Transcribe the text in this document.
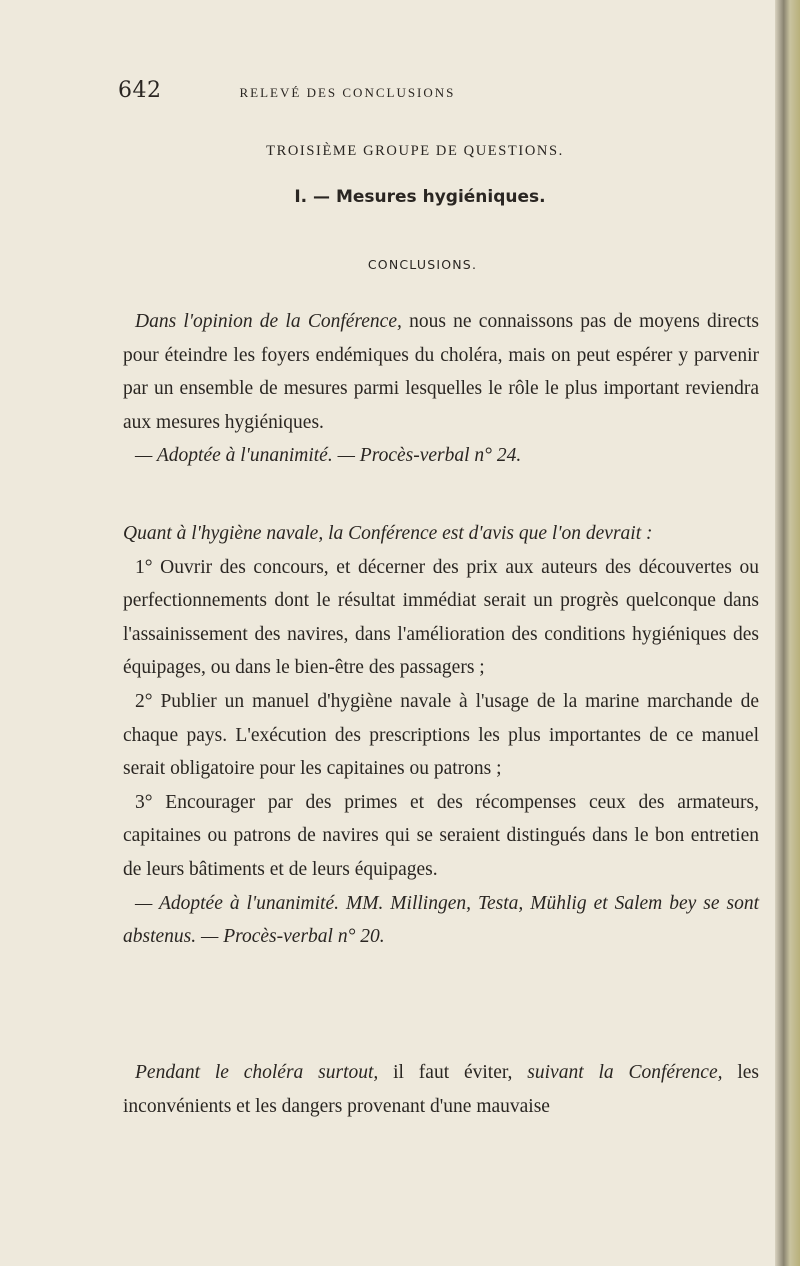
642	RELEVÉ DES CONCLUSIONS
TROISIÈME GROUPE DE QUESTIONS.
I. — Mesures hygiéniques.
CONCLUSIONS.

Dans l'opinion de la Conférence, nous ne connaissons pas de moyens directs pour éteindre les foyers endémiques du choléra, mais on peut espérer y parvenir par un ensemble de mesures parmi lesquelles le rôle le plus important reviendra aux mesures hygiéniques.

— Adoptée à l'unanimité. — Procès-verbal n° 24.

Quant à l'hygiène navale, la Conférence est d'avis que l'on devrait :

1° Ouvrir des concours, et décerner des prix aux auteurs des découvertes ou perfectionnements dont le résultat immédiat serait un progrès quelconque dans l'assainissement des navires, dans l'amélioration des conditions hygiéniques des équipages, ou dans le bien-être des passagers ;

2° Publier un manuel d'hygiène navale à l'usage de la marine marchande de chaque pays. L'exécution des prescriptions les plus importantes de ce manuel serait obligatoire pour les capitaines ou patrons ;

3° Encourager par des primes et des récompenses ceux des armateurs, capitaines ou patrons de navires qui se seraient distingués dans le bon entretien de leurs bâtiments et de leurs équipages.

— Adoptée à l'unanimité. MM. Millingen, Testa, Mühlig et Salem bey se sont abstenus. — Procès-verbal n° 20.

Pendant le choléra surtout, il faut éviter, suivant la Conférence, les inconvénients et les dangers provenant d'une mauvaise
